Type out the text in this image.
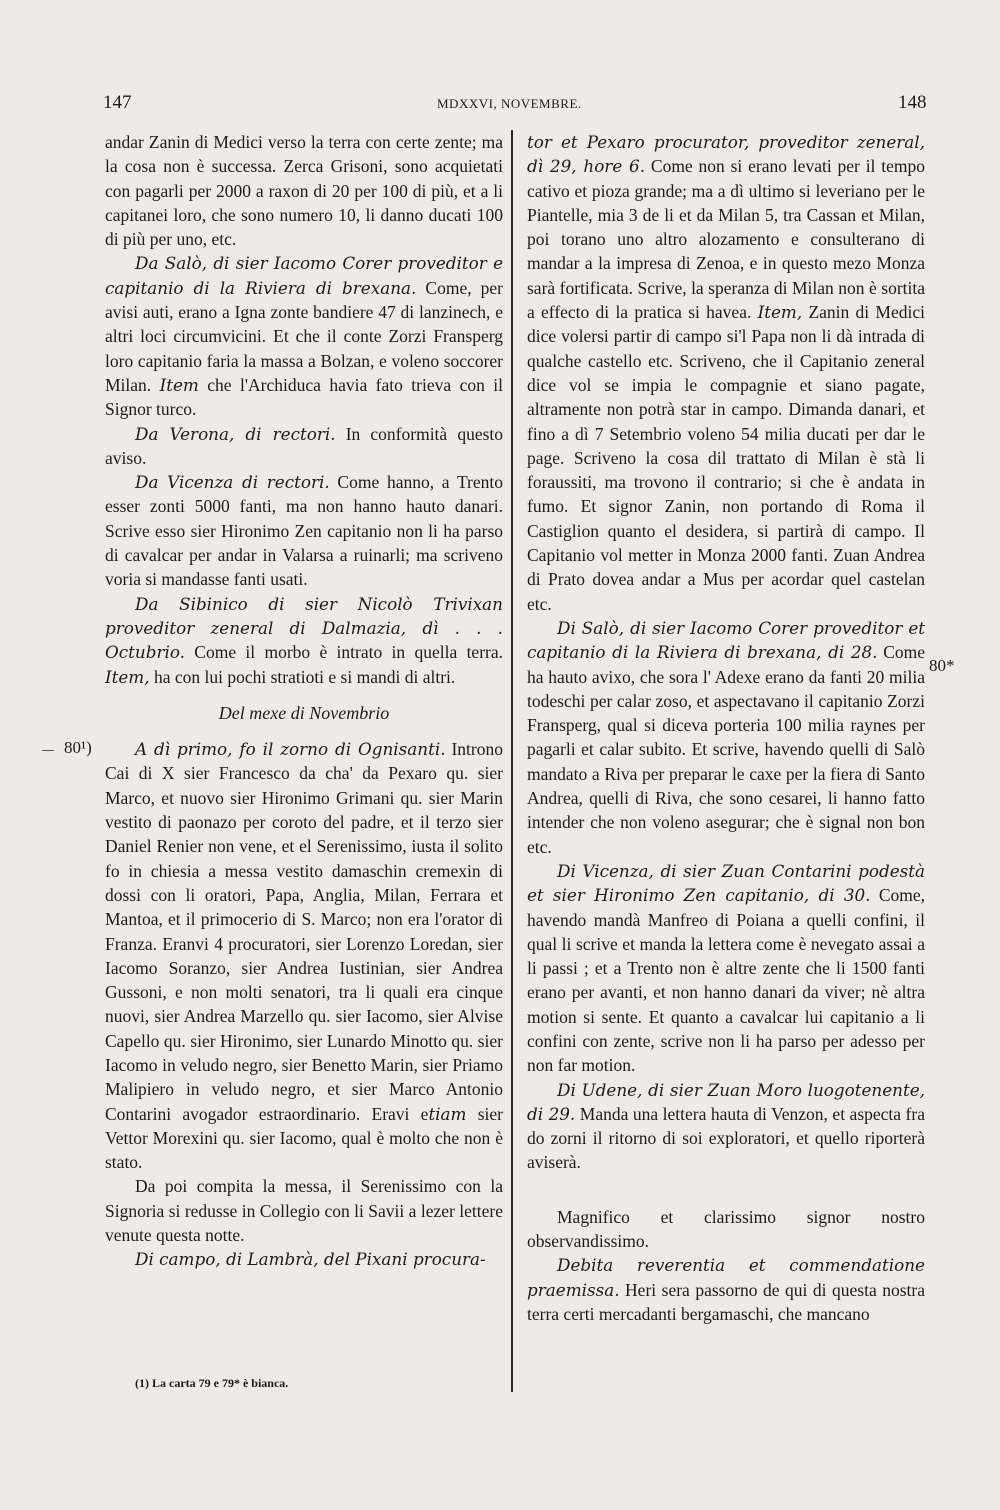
147	MDXXVI, NOVEMBRE.	148
80¹)
80*

andar Zanin di Medici verso la terra con certe zente; ma la cosa non è successa. Zerca Grisoni, sono acquietati con pagarli per 2000 a raxon di 20 per 100 di più, et a li capitanei loro, che sono numero 10, li danno ducati 100 di più per uno, etc.

Da Salò, di sier Iacomo Corer proveditor e capitanio di la Riviera di brexana. Come, per avisi auti, erano a Igna zonte bandiere 47 di lanzinech, e altri loci circumvicini. Et che il conte Zorzi Fransperg loro capitanio faria la massa a Bolzan, e voleno soccorer Milan. Item che l'Archiduca havia fato trieva con il Signor turco.

Da Verona, di rectori. In conformità questo aviso.

Da Vicenza di rectori. Come hanno, a Trento esser zonti 5000 fanti, ma non hanno hauto danari. Scrive esso sier Hironimo Zen capitanio non li ha parso di cavalcar per andar in Valarsa a ruinarli; ma scriveno voria si mandasse fanti usati.

Da Sibinico di sier Nicolò Trivixan proveditor zeneral di Dalmazia, dì . . . Octubrio. Come il morbo è intrato in quella terra. Item, ha con lui pochi stratioti e si mandi di altri.

Del mexe di Novembrio

A dì primo, fo il zorno di Ognisanti. Introno Cai di X sier Francesco da cha' da Pexaro qu. sier Marco, et nuovo sier Hironimo Grimani qu. sier Marin vestito di paonazo per coroto del padre, et il terzo sier Daniel Renier non vene, et el Serenissimo, iusta il solito fo in chiesia a messa vestito damaschin cremexin di dossi con li oratori, Papa, Anglia, Milan, Ferrara et Mantoa, et il primocerio di S. Marco; non era l'orator di Franza. Eranvi 4 procuratori, sier Lorenzo Loredan, sier Iacomo Soranzo, sier Andrea Iustinian, sier Andrea Gussoni, e non molti senatori, tra li quali era cinque nuovi, sier Andrea Marzello qu. sier Iacomo, sier Alvise Capello qu. sier Hironimo, sier Lunardo Minotto qu. sier Iacomo in veludo negro, sier Benetto Marin, sier Priamo Malipiero in veludo negro, et sier Marco Antonio Contarini avogador estraordinario. Eravi etiam sier Vettor Morexini qu. sier Iacomo, qual è molto che non è stato.

Da poi compita la messa, il Serenissimo con la Signoria si redusse in Collegio con li Savii a lezer lettere venute questa notte.

Di campo, di Lambrà, del Pixani procura-

(1) La carta 79 e 79* è bianca.

tor et Pexaro procurator, proveditor zeneral, dì 29, hore 6. Come non si erano levati per il tempo cativo et pioza grande; ma a dì ultimo si leveriano per le Piantelle, mia 3 de li et da Milan 5, tra Cassan et Milan, poi torano uno altro alozamento e consulterano di mandar a la impresa di Zenoa, e in questo mezo Monza sarà fortificata. Scrive, la speranza di Milan non è sortita a effecto di la pratica si havea. Item, Zanin di Medici dice volersi partir di campo si'l Papa non li dà intrada di qualche castello etc. Scriveno, che il Capitanio zeneral dice vol se impia le compagnie et siano pagate, altramente non potrà star in campo. Dimanda danari, et fino a dì 7 Setembrio voleno 54 milia ducati per dar le page. Scriveno la cosa dil trattato di Milan è stà li foraussiti, ma trovono il contrario; si che è andata in fumo. Et signor Zanin, non portando di Roma il Castiglion quanto el desidera, si partirà di campo. Il Capitanio vol metter in Monza 2000 fanti. Zuan Andrea di Prato dovea andar a Mus per acordar quel castelan etc.

Di Salò, di sier Iacomo Corer proveditor et capitanio di la Riviera di brexana, di 28. Come ha hauto avixo, che sora l' Adexe erano da fanti 20 milia todeschi per calar zoso, et aspectavano il capitanio Zorzi Fransperg, qual si diceva porteria 100 milia raynes per pagarli et calar subito. Et scrive, havendo quelli di Salò mandato a Riva per preparar le caxe per la fiera di Santo Andrea, quelli di Riva, che sono cesarei, li hanno fatto intender che non voleno asegurar; che è signal non bon etc.

Di Vicenza, di sier Zuan Contarini podestà et sier Hironimo Zen capitanio, di 30. Come, havendo mandà Manfreo di Poiana a quelli confini, il qual li scrive et manda la lettera come è nevegato assai a li passi ; et a Trento non è altre zente che li 1500 fanti erano per avanti, et non hanno danari da viver; nè altra motion si sente. Et quanto a cavalcar lui capitanio a li confini con zente, scrive non li ha parso per adesso per non far motion.

Di Udene, di sier Zuan Moro luogotenente, di 29. Manda una lettera hauta di Venzon, et aspecta fra do zorni il ritorno di soi exploratori, et quello riporterà aviserà.

Magnifico et clarissimo signor nostro observandissimo.

Debita reverentia et commendatione praemissa. Heri sera passorno de qui di questa nostra terra certi mercadanti bergamaschi, che mancano
